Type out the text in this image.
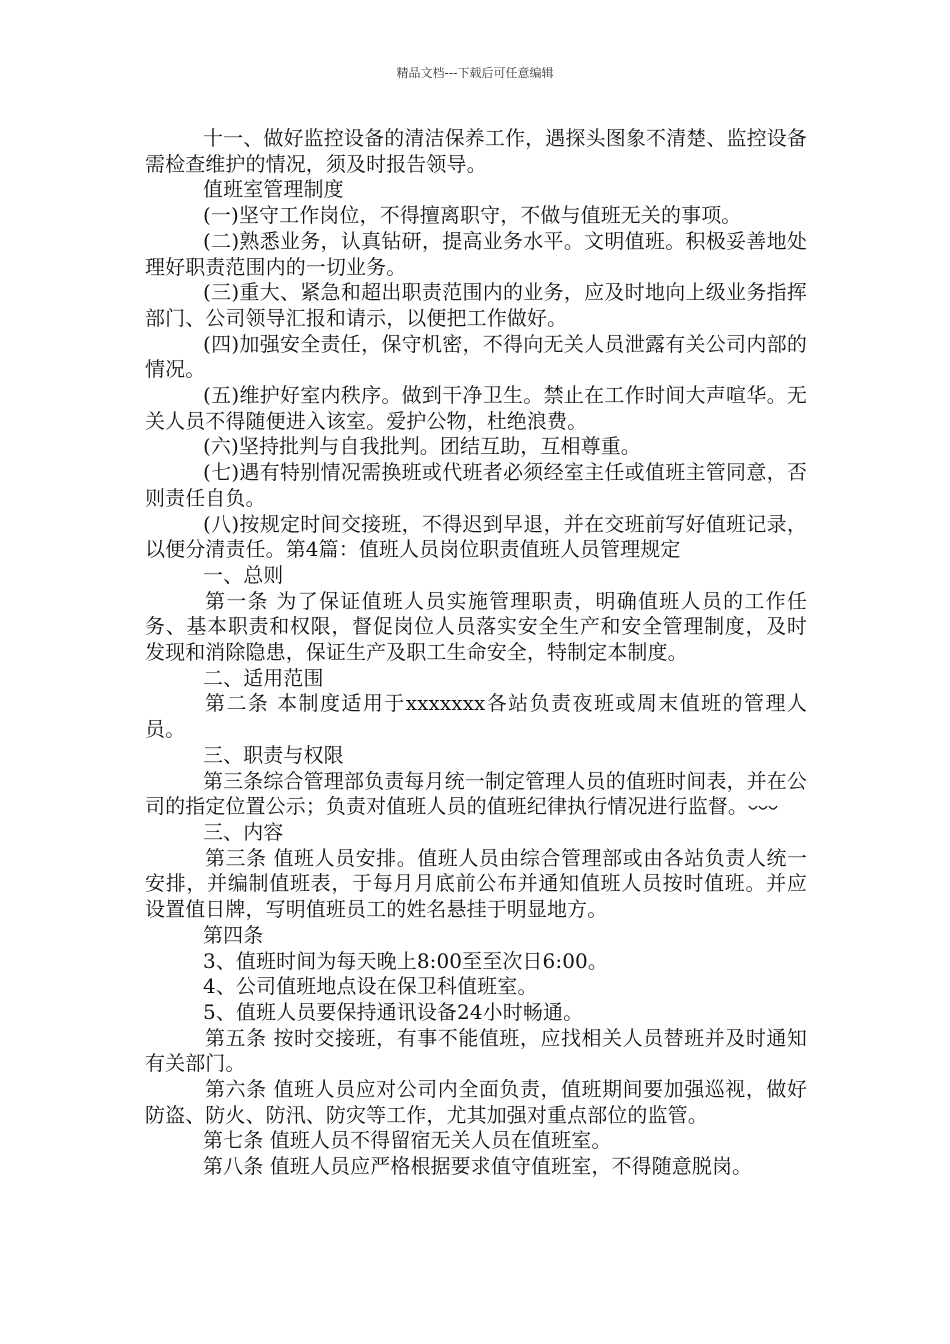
精品文档---下载后可任意编辑

十一、做好监控设备的清洁保养工作，遇探头图象不清楚、监控设备需检查维护的情况，须及时报告领导。

值班室管理制度

(一)坚守工作岗位，不得擅离职守，不做与值班无关的事项。

(二)熟悉业务，认真钻研，提高业务水平。文明值班。积极妥善地处理好职责范围内的一切业务。

(三)重大、紧急和超出职责范围内的业务，应及时地向上级业务指挥部门、公司领导汇报和请示，以便把工作做好。

(四)加强安全责任，保守机密，不得向无关人员泄露有关公司内部的情况。

(五)维护好室内秩序。做到干净卫生。禁止在工作时间大声喧华。无关人员不得随便进入该室。爱护公物，杜绝浪费。

(六)坚持批判与自我批判。团结互助，互相尊重。

(七)遇有特别情况需换班或代班者必须经室主任或值班主管同意，否则责任自负。

(八)按规定时间交接班，不得迟到早退，并在交班前写好值班记录，以便分清责任。第4篇：值班人员岗位职责值班人员管理规定

一、总则

第一条 为了保证值班人员实施管理职责，明确值班人员的工作任务、基本职责和权限，督促岗位人员落实安全生产和安全管理制度，及时发现和消除隐患，保证生产及职工生命安全，特制定本制度。

二、适用范围

第二条 本制度适用于xxxxxxx各站负责夜班或周末值班的管理人员。

三、职责与权限

第三条综合管理部负责每月统一制定管理人员的值班时间表，并在公司的指定位置公示；负责对值班人员的值班纪律执行情况进行监督。

三、内容

第三条 值班人员安排。值班人员由综合管理部或由各站负责人统一安排，并编制值班表，于每月月底前公布并通知值班人员按时值班。并应设置值日牌，写明值班员工的姓名悬挂于明显地方。

第四条

3、值班时间为每天晚上8:00至至次日6:00。

4、公司值班地点设在保卫科值班室。

5、值班人员要保持通讯设备24小时畅通。

第五条 按时交接班，有事不能值班，应找相关人员替班并及时通知有关部门。

第六条 值班人员应对公司内全面负责，值班期间要加强巡视，做好防盗、防火、防汛、防灾等工作，尤其加强对重点部位的监管。

第七条 值班人员不得留宿无关人员在值班室。

第八条 值班人员应严格根据要求值守值班室，不得随意脱岗。
